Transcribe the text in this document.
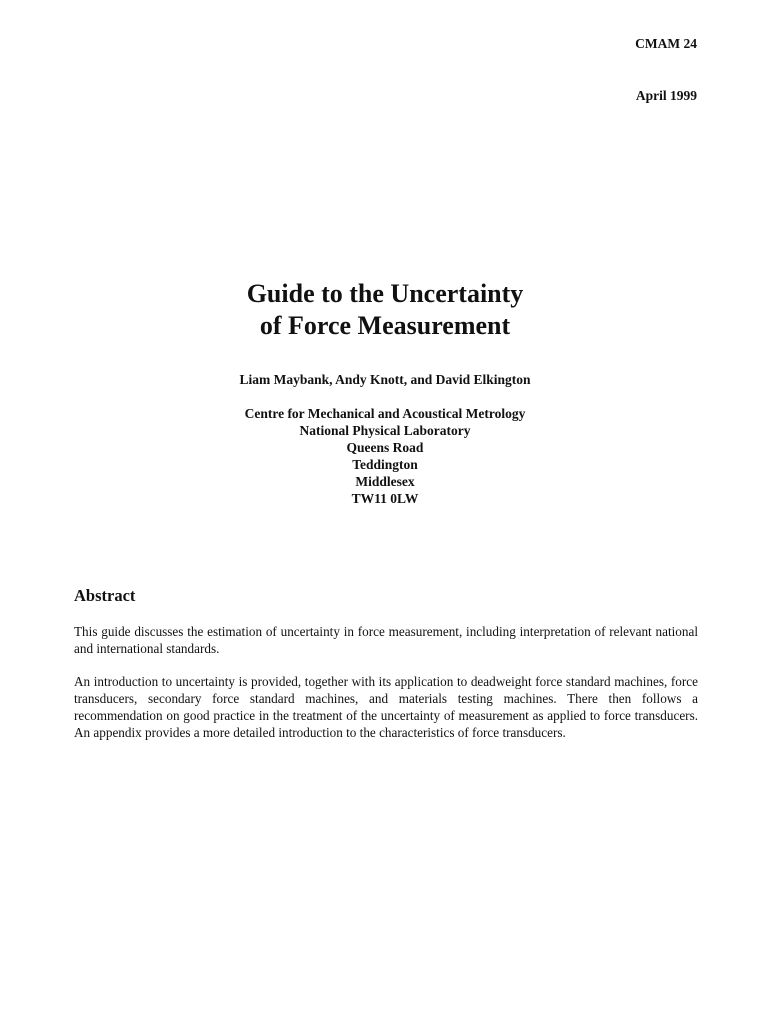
CMAM 24
April 1999
Guide to the Uncertainty
of Force Measurement
Liam Maybank, Andy Knott, and David Elkington
Centre for Mechanical and Acoustical Metrology
National Physical Laboratory
Queens Road
Teddington
Middlesex
TW11 0LW
Abstract

This guide discusses the estimation of uncertainty in force measurement, including interpretation of relevant national and international standards.

An introduction to uncertainty is provided, together with its application to deadweight force standard machines, force transducers, secondary force standard machines, and materials testing machines. There then follows a recommendation on good practice in the treatment of the uncertainty of measurement as applied to force transducers. An appendix provides a more detailed introduction to the characteristics of force transducers.
